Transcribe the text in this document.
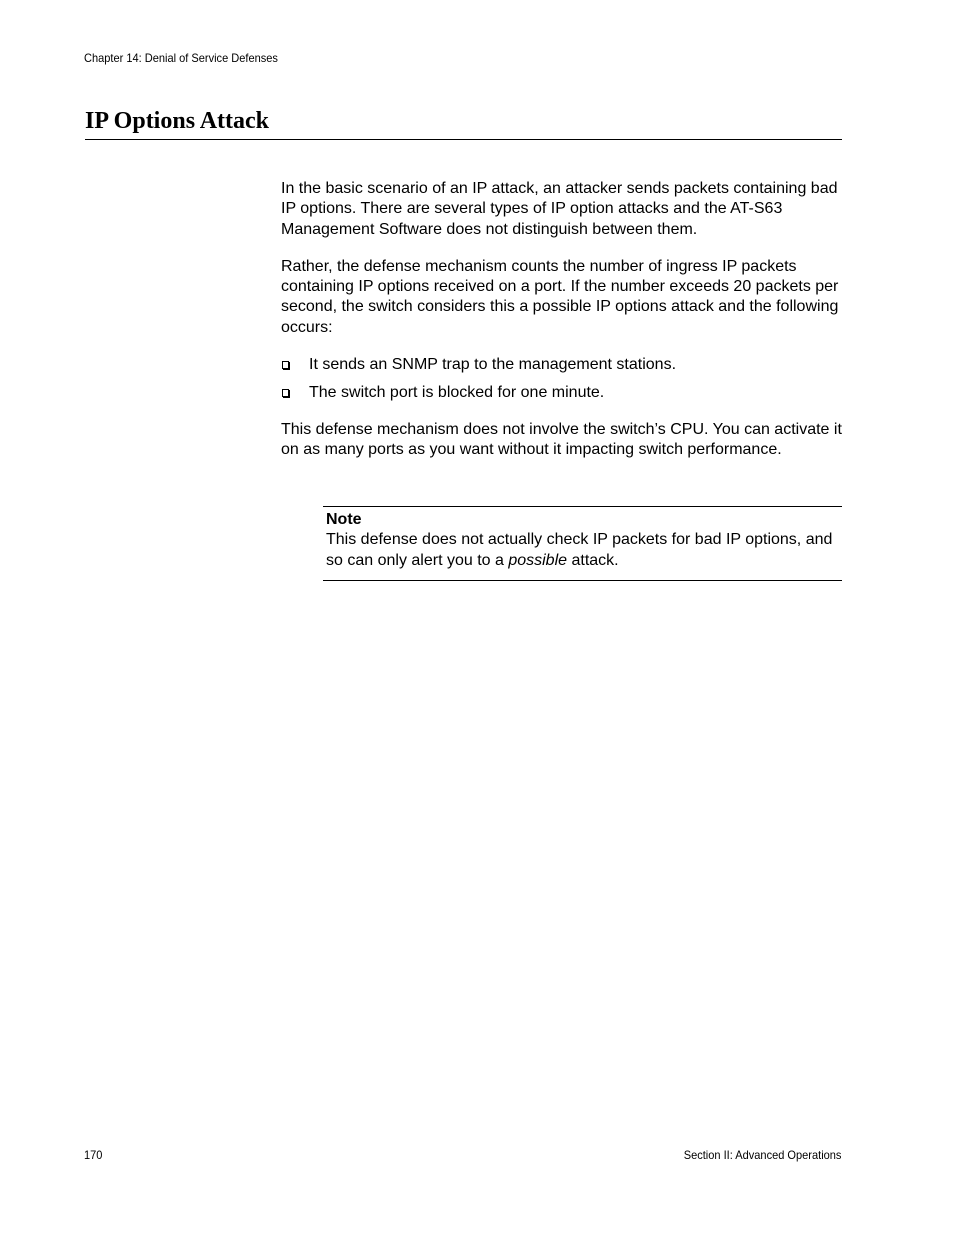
Chapter 14: Denial of Service Defenses
IP Options Attack

In the basic scenario of an IP attack, an attacker sends packets containing bad IP options. There are several types of IP option attacks and the AT-S63 Management Software does not distinguish between them.

Rather, the defense mechanism counts the number of ingress IP packets containing IP options received on a port. If the number exceeds 20 packets per second, the switch considers this a possible IP options attack and the following occurs:

It sends an SNMP trap to the management stations.
The switch port is blocked for one minute.

This defense mechanism does not involve the switch’s CPU. You can activate it on as many ports as you want without it impacting switch performance.

Note
This defense does not actually check IP packets for bad IP options, and so can only alert you to a possible attack.
170	Section II: Advanced Operations
